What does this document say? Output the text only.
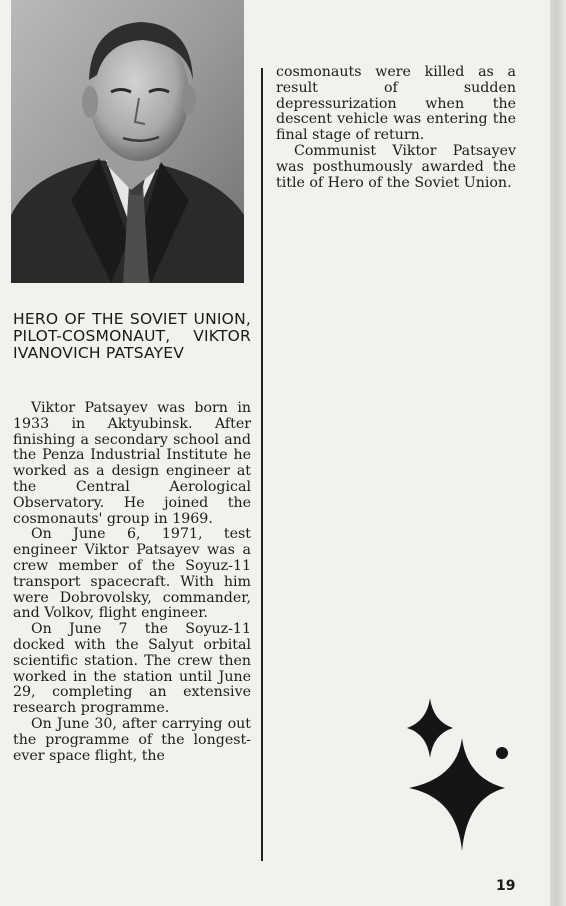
HERO OF THE SOVIET UNION, PILOT-COSMONAUT, VIKTOR IVANOVICH PATSAYEV

Viktor Patsayev was born in 1933 in Aktyubinsk. After finishing a secondary school and the Penza Industrial Institute he worked as a design engineer at the Central Aerological Observatory. He joined the cosmonauts' group in 1969.

On June 6, 1971, test engineer Viktor Patsayev was a crew member of the Soyuz-11 transport spacecraft. With him were Dobrovolsky, commander, and Volkov, flight engineer.

On June 7 the Soyuz-11 docked with the Salyut orbital scientific station. The crew then worked in the station until June 29, completing an extensive research programme.

On June 30, after carrying out the programme of the longest-ever space flight, the

cosmonauts were killed as a result of sudden depressurization when the descent vehicle was entering the final stage of return.

Communist Viktor Patsayev was posthumously awarded the title of Hero of the Soviet Union.

19
